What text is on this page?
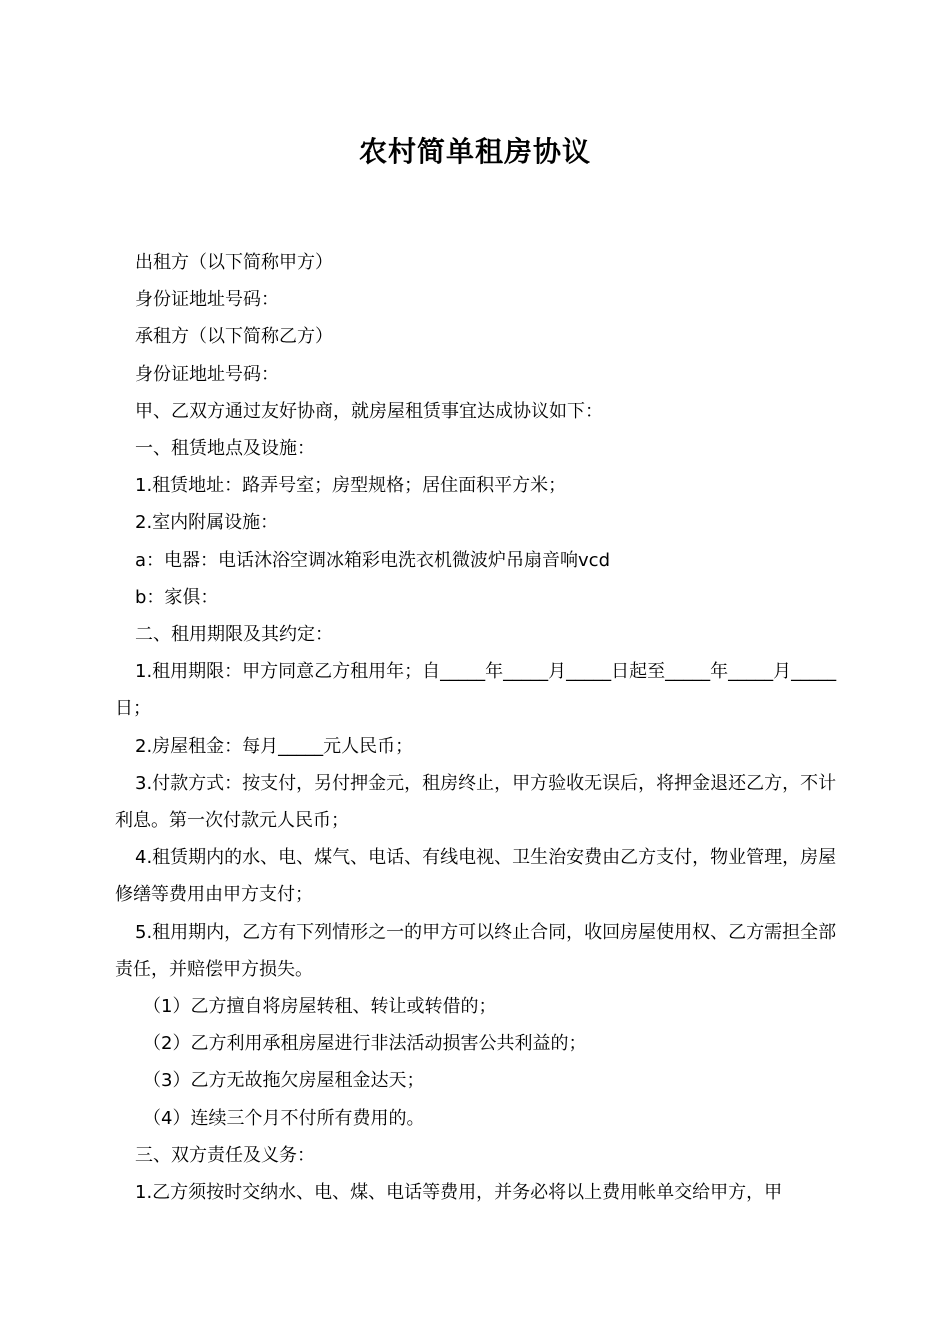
农村简单租房协议

出租方（以下简称甲方）

身份证地址号码：

承租方（以下简称乙方）

身份证地址号码：

甲、乙双方通过友好协商，就房屋租赁事宜达成协议如下：

一、租赁地点及设施：

1.租赁地址：路弄号室；房型规格；居住面积平方米；

2.室内附属设施：

a：电器：电话沐浴空调冰箱彩电洗衣机微波炉吊扇音响vcd

b：家俱：

二、租用期限及其约定：

1.租用期限：甲方同意乙方租用年；自_____年_____月_____日起至_____年_____月_____日；

2.房屋租金：每月_____元人民币；

3.付款方式：按支付，另付押金元，租房终止，甲方验收无误后，将押金退还乙方，不计利息。第一次付款元人民币；

4.租赁期内的水、电、煤气、电话、有线电视、卫生治安费由乙方支付，物业管理，房屋修缮等费用由甲方支付；

5.租用期内，乙方有下列情形之一的甲方可以终止合同，收回房屋使用权、乙方需担全部责任，并赔偿甲方损失。

（1）乙方擅自将房屋转租、转让或转借的；

（2）乙方利用承租房屋进行非法活动损害公共利益的；

（3）乙方无故拖欠房屋租金达天；

（4）连续三个月不付所有费用的。

三、双方责任及义务：

1.乙方须按时交纳水、电、煤、电话等费用，并务必将以上费用帐单交给甲方，甲
